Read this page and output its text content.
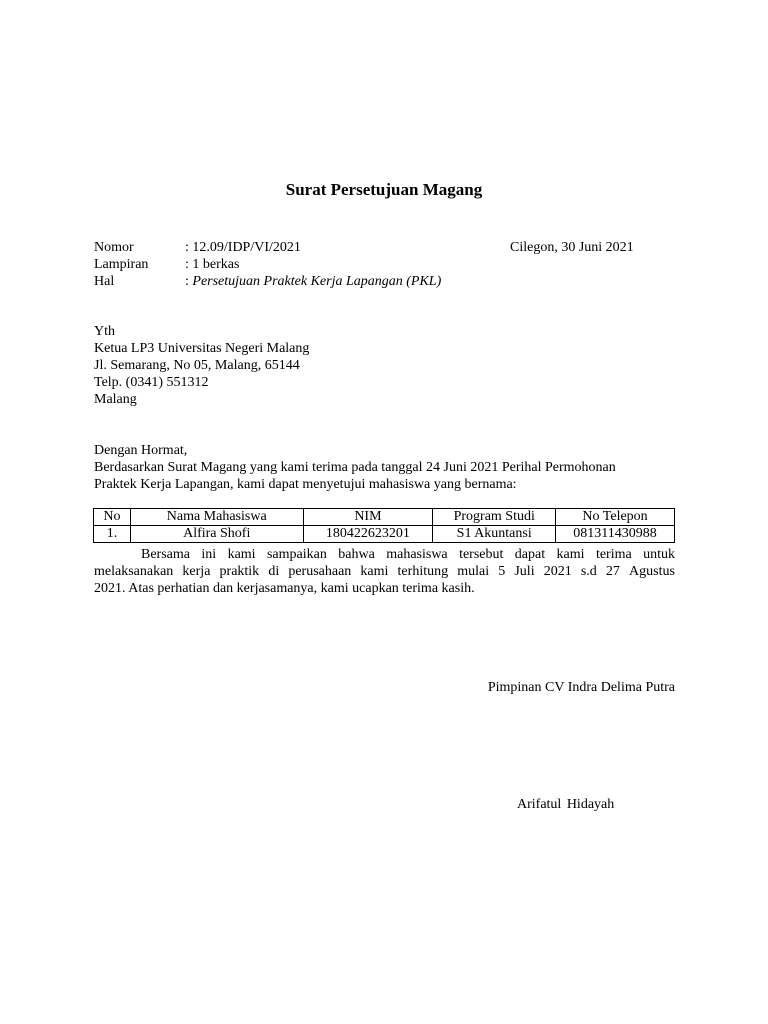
Surat Persetujuan Magang
Nomor	: 12.09/IDP/VI/2021	Cilegon, 30 Juni 2021
Lampiran	: 1 berkas
Hal	: Persetujuan Praktek Kerja Lapangan (PKL)
Yth
Ketua LP3 Universitas Negeri Malang
Jl. Semarang, No 05, Malang, 65144
Telp. (0341) 551312
Malang
Dengan Hormat,
Berdasarkan Surat Magang yang kami terima pada tanggal 24 Juni 2021 Perihal Permohonan
Praktek Kerja Lapangan, kami dapat menyetujui mahasiswa yang bernama:
No	Nama Mahasiswa	NIM	Program Studi	No Telepon
1.	Alfira Shofi	180422623201	S1 Akuntansi	081311430988
Bersama ini kami sampaikan bahwa mahasiswa tersebut dapat kami terima untuk
melaksanakan kerja praktik di perusahaan kami terhitung mulai 5 Juli 2021 s.d 27 Agustus
2021. Atas perhatian dan kerjasamanya, kami ucapkan terima kasih.
Pimpinan CV Indra Delima Putra
Arifatul Hidayah
